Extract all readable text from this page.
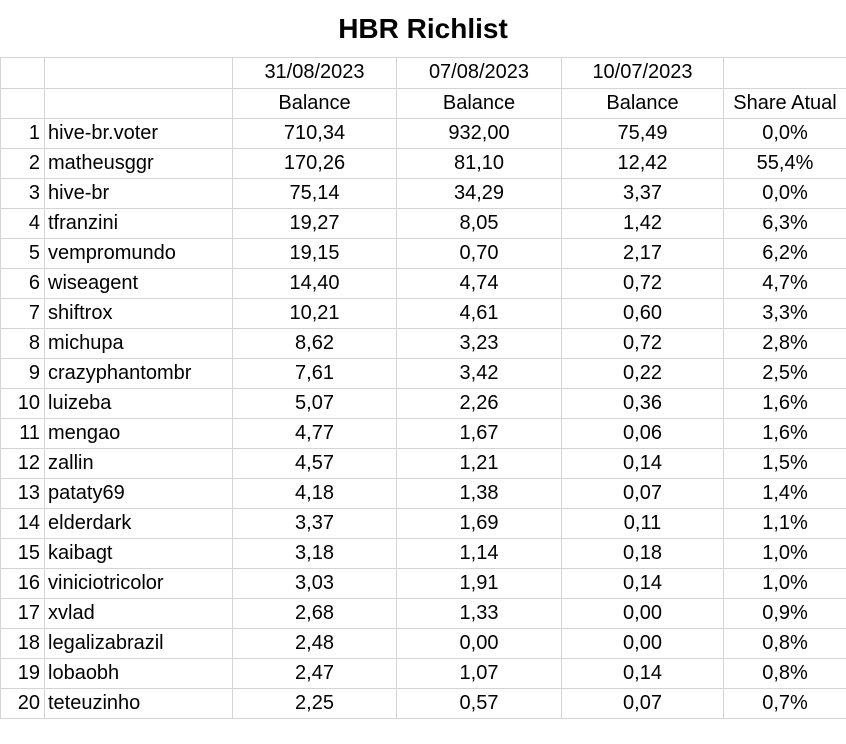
HBR Richlist
		31/08/2023	07/08/2023	10/07/2023	
		Balance	Balance	Balance	Share Atual
1	hive-br.voter	710,34	932,00	75,49	0,0%
2	matheusggr	170,26	81,10	12,42	55,4%
3	hive-br	75,14	34,29	3,37	0,0%
4	tfranzini	19,27	8,05	1,42	6,3%
5	vempromundo	19,15	0,70	2,17	6,2%
6	wiseagent	14,40	4,74	0,72	4,7%
7	shiftrox	10,21	4,61	0,60	3,3%
8	michupa	8,62	3,23	0,72	2,8%
9	crazyphantombr	7,61	3,42	0,22	2,5%
10	luizeba	5,07	2,26	0,36	1,6%
11	mengao	4,77	1,67	0,06	1,6%
12	zallin	4,57	1,21	0,14	1,5%
13	pataty69	4,18	1,38	0,07	1,4%
14	elderdark	3,37	1,69	0,11	1,1%
15	kaibagt	3,18	1,14	0,18	1,0%
16	viniciotricolor	3,03	1,91	0,14	1,0%
17	xvlad	2,68	1,33	0,00	0,9%
18	legalizabrazil	2,48	0,00	0,00	0,8%
19	lobaobh	2,47	1,07	0,14	0,8%
20	teteuzinho	2,25	0,57	0,07	0,7%
